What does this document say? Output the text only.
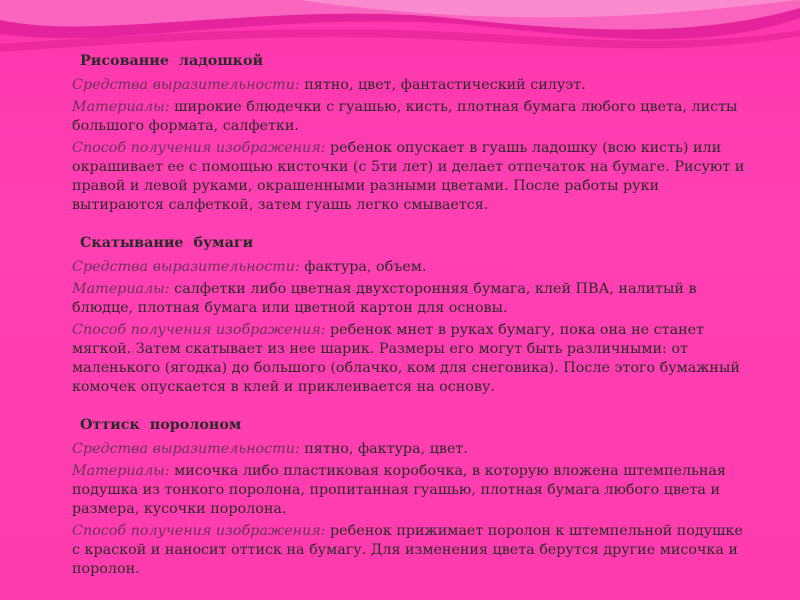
Рисование  ладошкой

Средства выразительности: пятно, цвет, фантастический силуэт.

Материалы: широкие блюдечки с гуашью, кисть, плотная бумага любого цвета, листы большого формата, салфетки.

Способ получения изображения: ребенок опускает в гуашь ладошку (всю кисть) или окрашивает ее с помощью кисточки (с 5ти лет) и делает отпечаток на бумаге. Рисуют и правой и левой руками, окрашенными разными цветами. После работы руки вытираются салфеткой, затем гуашь легко смывается.

Скатывание  бумаги

Средства выразительности: фактура, объем.

Материалы: салфетки либо цветная двухсторонняя бумага, клей ПВА, налитый в блюдце, плотная бумага или цветной картон для основы.

Способ получения изображения: ребенок мнет в руках бумагу, пока она не станет мягкой. Затем скатывает из нее шарик. Размеры его могут быть различными: от маленького (ягодка) до большого (облачко, ком для снеговика). После этого бумажный комочек опускается в клей и приклеивается на основу.

Оттиск  поролоном

Средства выразительности: пятно, фактура, цвет.

Материалы: мисочка либо пластиковая коробочка, в которую вложена штемпельная подушка из тонкого поролона, пропитанная гуашью, плотная бумага любого цвета и размера, кусочки поролона.

Способ получения изображения: ребенок прижимает поролон к штемпельной подушке с краской и наносит оттиск на бумагу. Для изменения цвета берутся другие мисочка и поролон.
